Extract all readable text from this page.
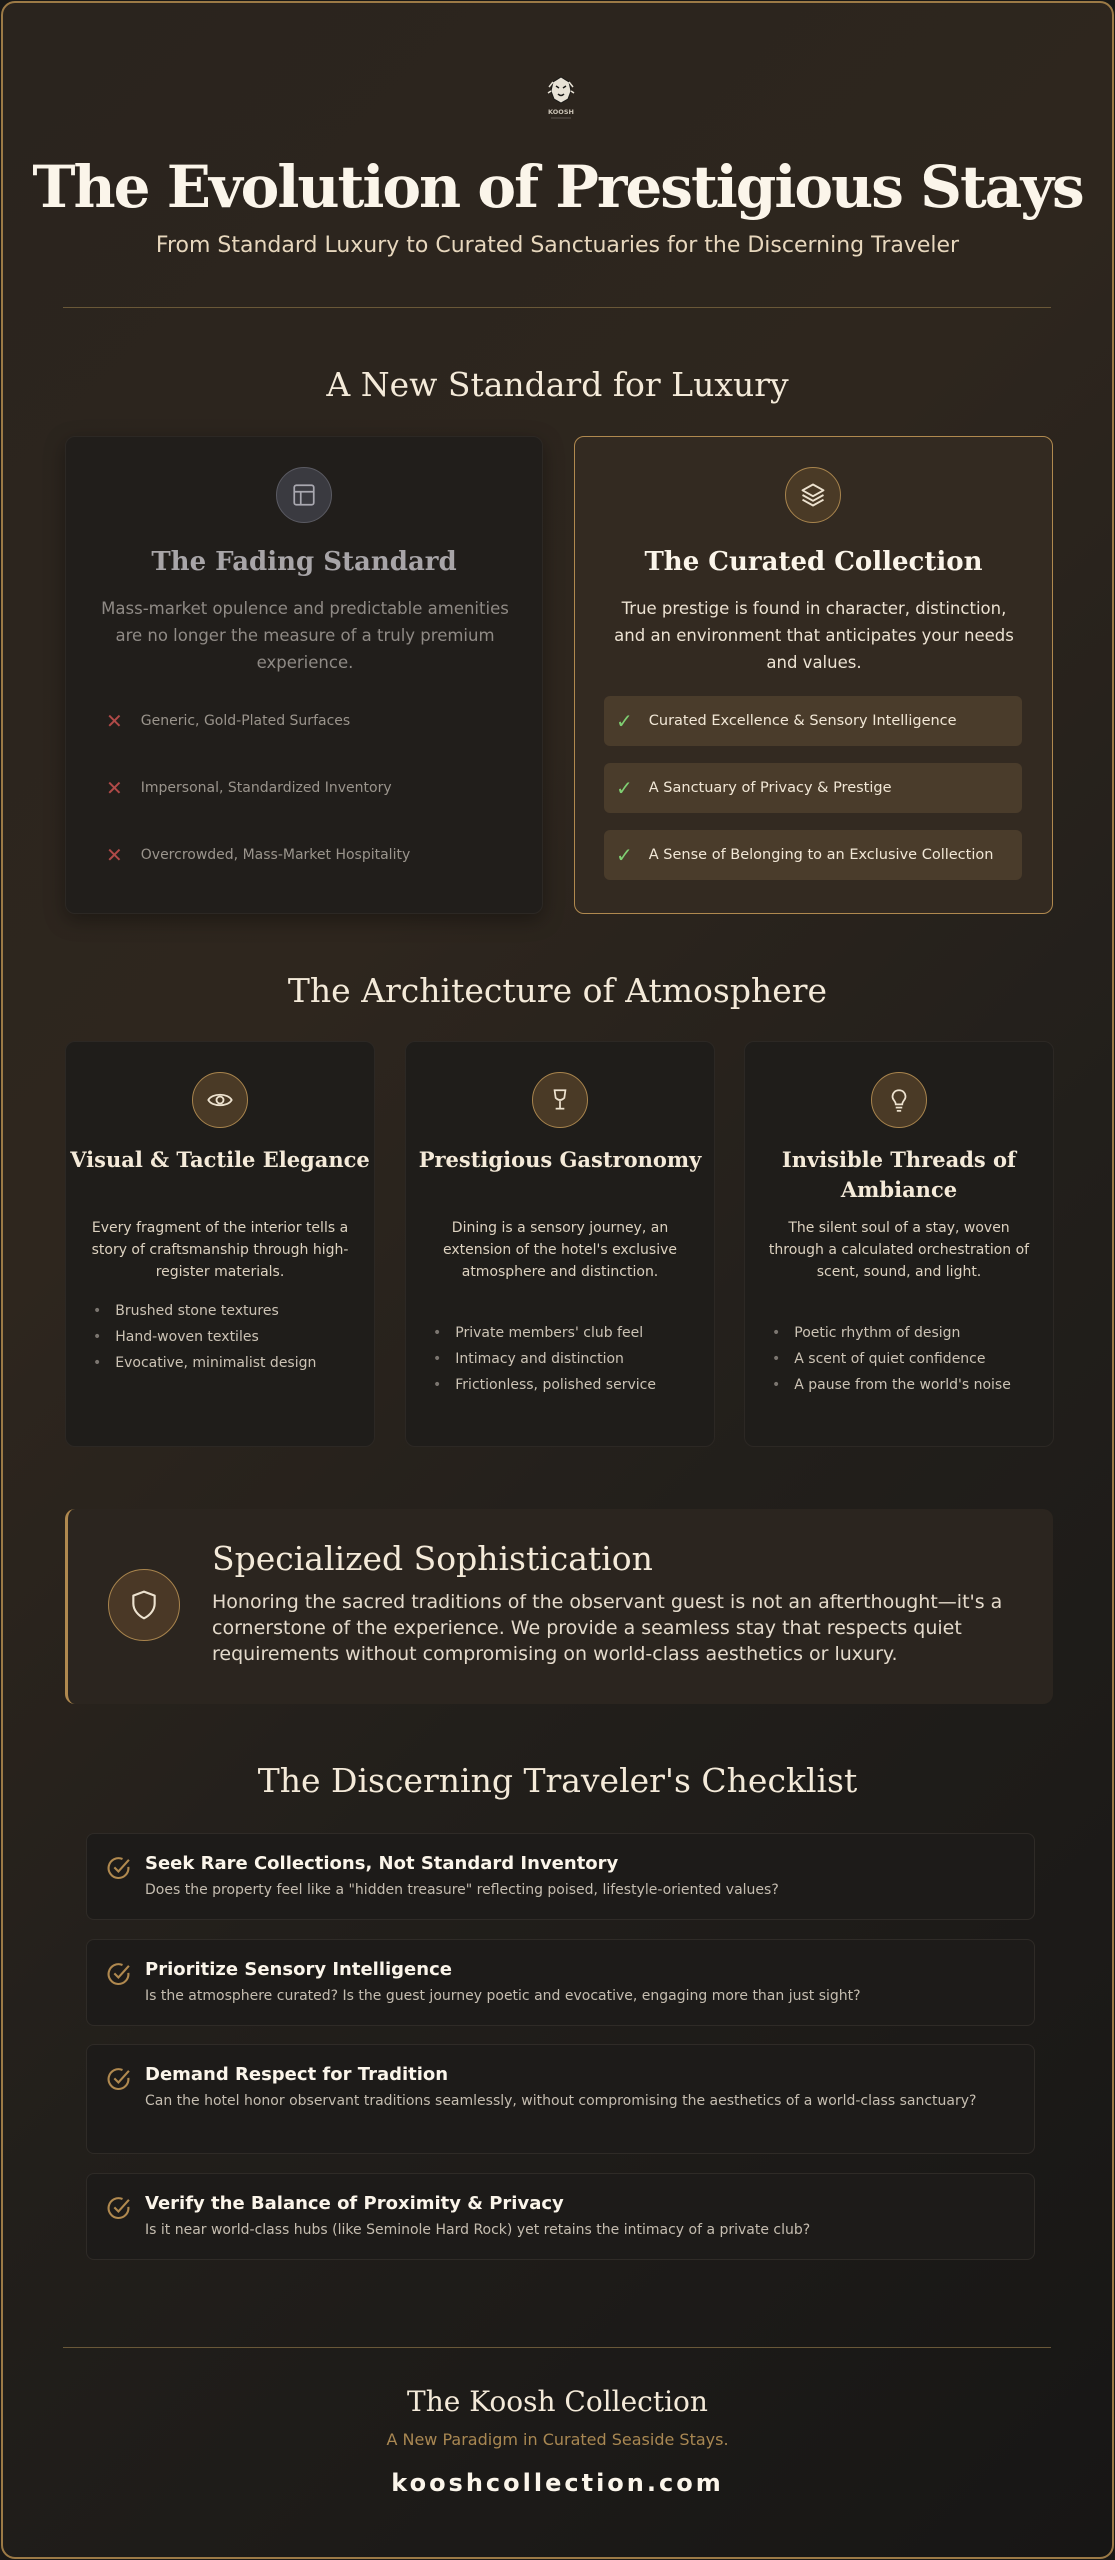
KOOSH
The Evolution of Prestigious Stays
From Standard Luxury to Curated Sanctuaries for the Discerning Traveler
A New Standard for Luxury
The Fading Standard
Mass-market opulence and predictable amenities are no longer the measure of a truly premium experience.
✕ Generic, Gold-Plated Surfaces
✕ Impersonal, Standardized Inventory
✕ Overcrowded, Mass-Market Hospitality
The Curated Collection
True prestige is found in character, distinction, and an environment that anticipates your needs and values.
✓ Curated Excellence & Sensory Intelligence
✓ A Sanctuary of Privacy & Prestige
✓ A Sense of Belonging to an Exclusive Collection
The Architecture of Atmosphere
Visual & Tactile Elegance
Every fragment of the interior tells a story of craftsmanship through high-register materials.
• Brushed stone textures
• Hand-woven textiles
• Evocative, minimalist design
Prestigious Gastronomy
Dining is a sensory journey, an extension of the hotel's exclusive atmosphere and distinction.
• Private members' club feel
• Intimacy and distinction
• Frictionless, polished service
Invisible Threads of Ambiance
The silent soul of a stay, woven through a calculated orchestration of scent, sound, and light.
• Poetic rhythm of design
• A scent of quiet confidence
• A pause from the world's noise
Specialized Sophistication
Honoring the sacred traditions of the observant guest is not an afterthought—it's a cornerstone of the experience. We provide a seamless stay that respects quiet requirements without compromising on world-class aesthetics or luxury.
The Discerning Traveler's Checklist
Seek Rare Collections, Not Standard Inventory
Does the property feel like a "hidden treasure" reflecting poised, lifestyle-oriented values?
Prioritize Sensory Intelligence
Is the atmosphere curated? Is the guest journey poetic and evocative, engaging more than just sight?
Demand Respect for Tradition
Can the hotel honor observant traditions seamlessly, without compromising the aesthetics of a world-class sanctuary?
Verify the Balance of Proximity & Privacy
Is it near world-class hubs (like Seminole Hard Rock) yet retains the intimacy of a private club?
The Koosh Collection
A New Paradigm in Curated Seaside Stays.
kooshcollection.com
